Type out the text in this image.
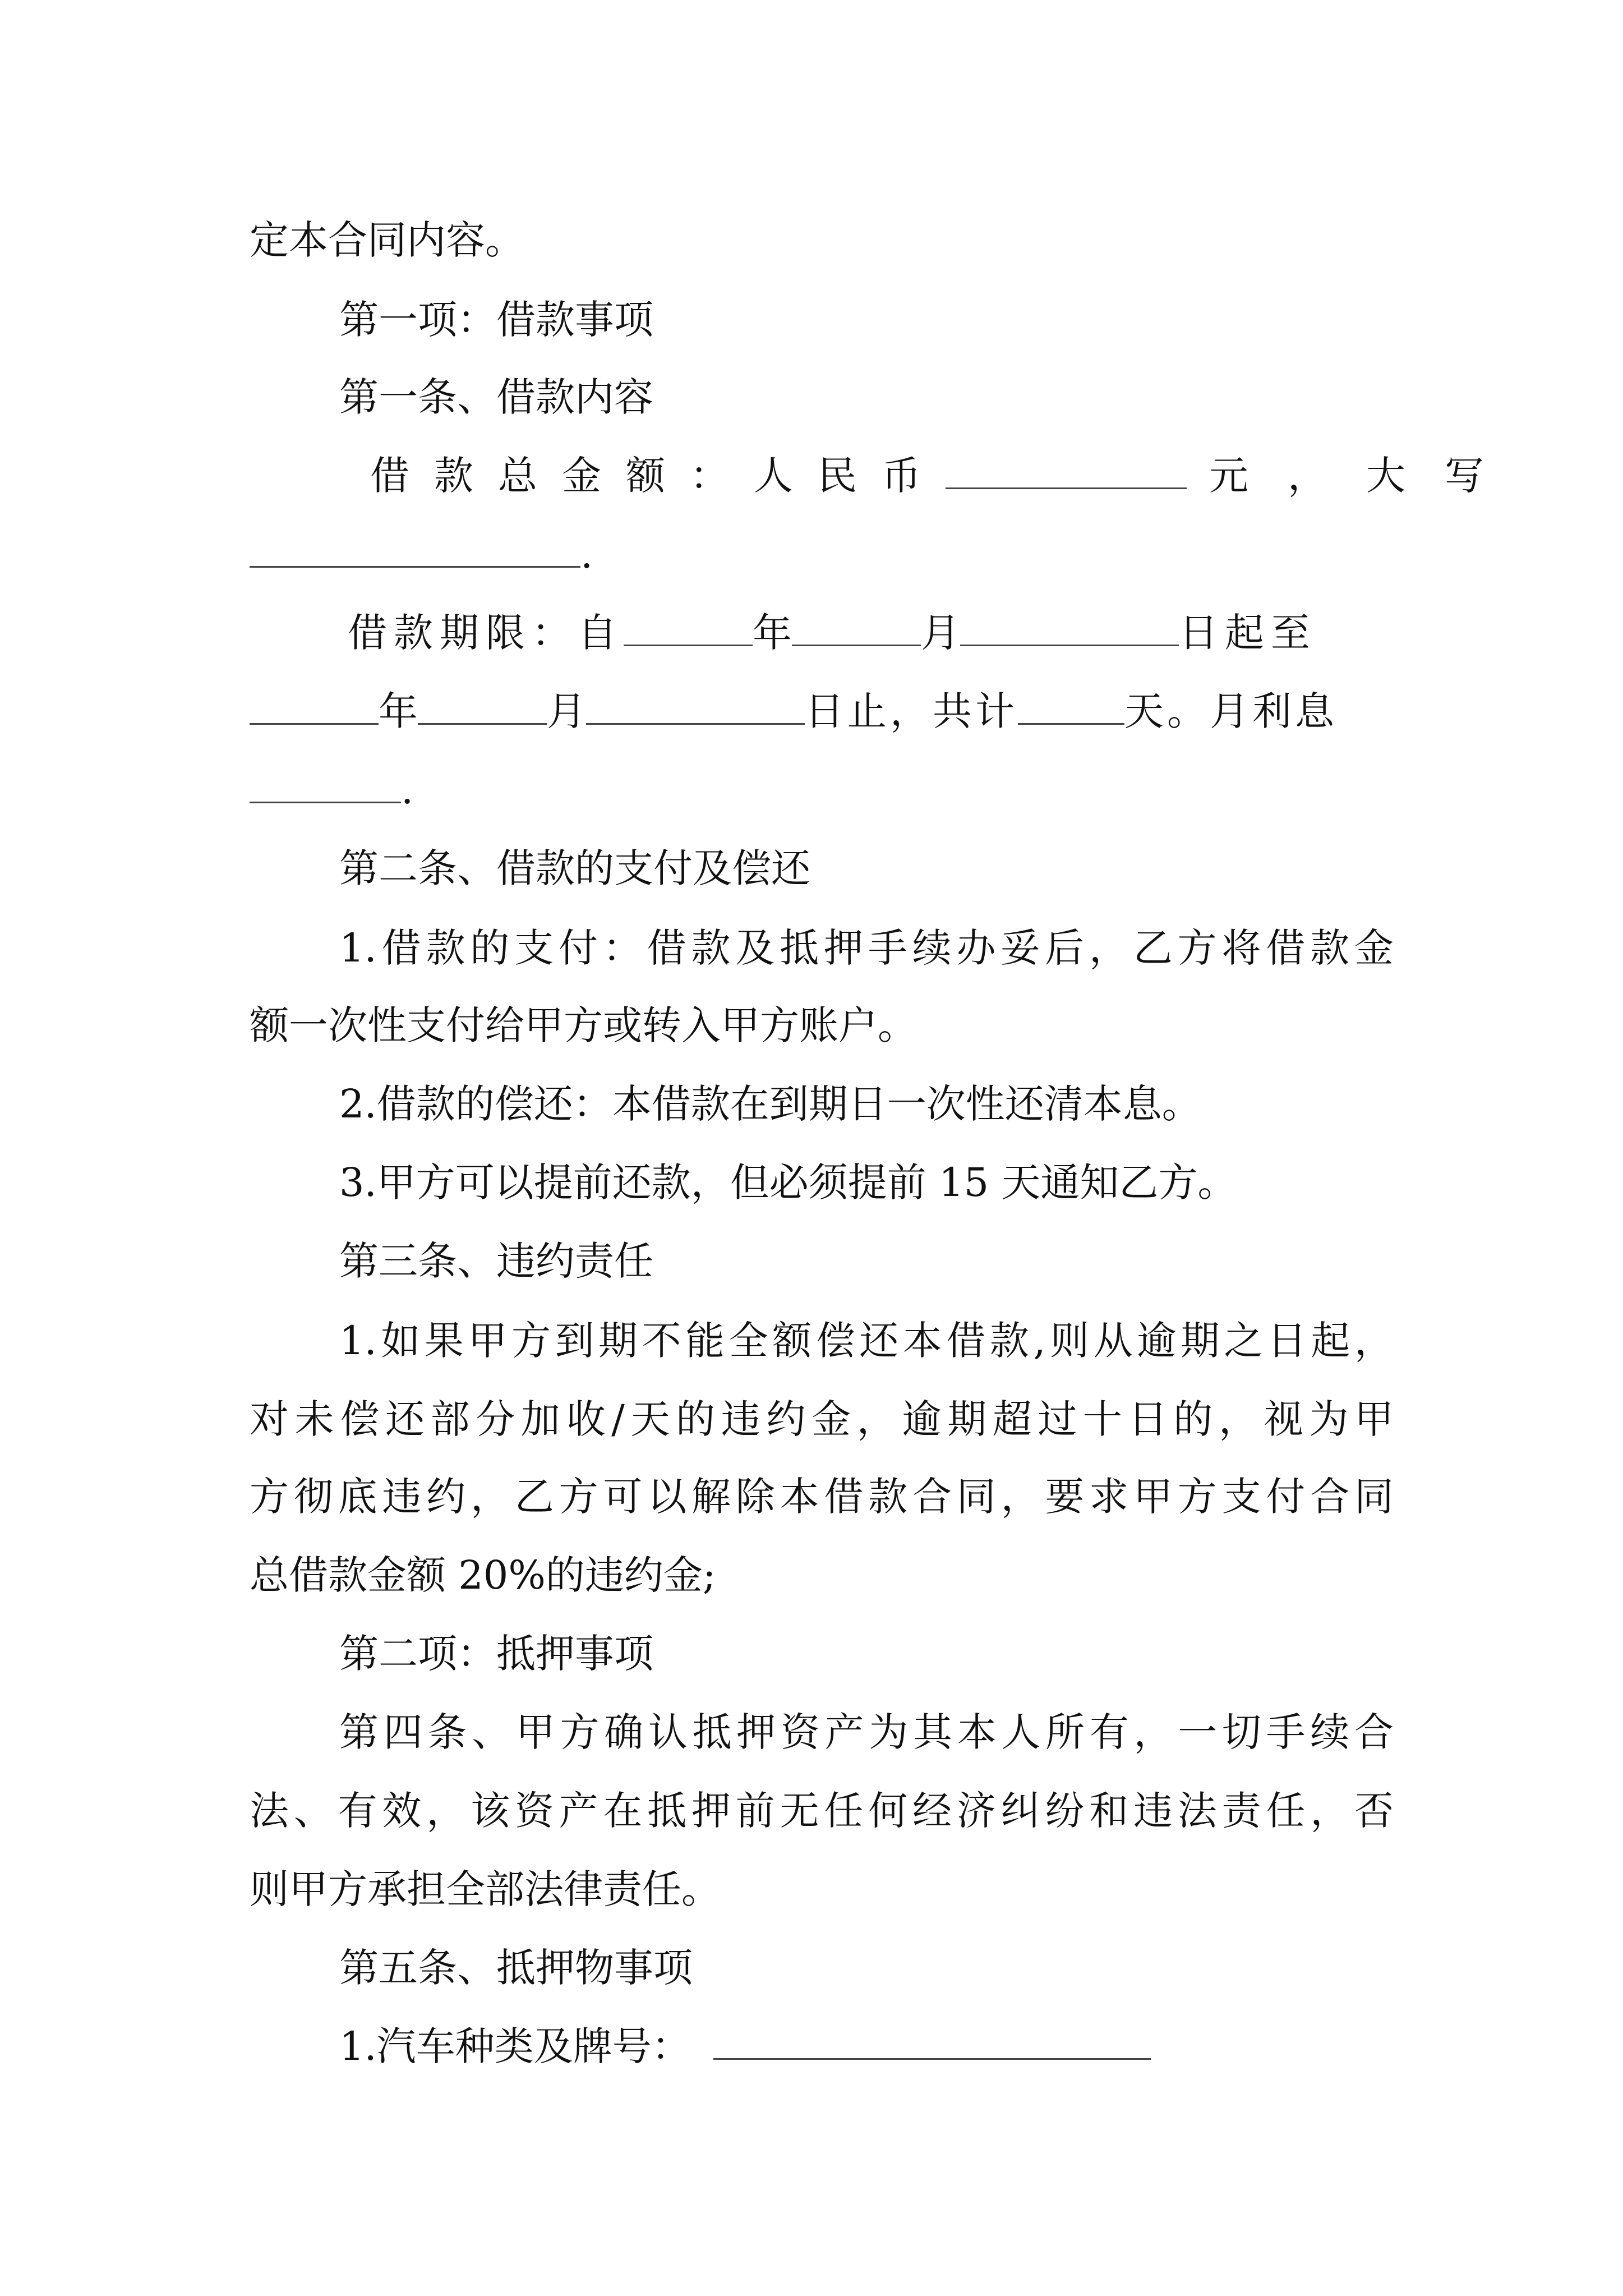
定本合同内容。
第一项：借款事项
第一条、借款内容
借款总金额：人民币	元，大写
.
借款期限：自	年	月	日起至
年	月	日止，共计	天。月利息
.
第二条、借款的支付及偿还
1.借款的支付：借款及抵押手续办妥后，乙方将借款金
额一次性支付给甲方或转入甲方账户。
2.借款的偿还：本借款在到期日一次性还清本息。
3.甲方可以提前还款，但必须提前 15 天通知乙方。
第三条、违约责任
1.如果甲方到期不能全额偿还本借款,则从逾期之日起，
对未偿还部分加收/天的违约金，逾期超过十日的，视为甲
方彻底违约，乙方可以解除本借款合同，要求甲方支付合同
总借款金额 20%的违约金;
第二项：抵押事项
第四条、甲方确认抵押资产为其本人所有，一切手续合
法、有效，该资产在抵押前无任何经济纠纷和违法责任，否
则甲方承担全部法律责任。
第五条、抵押物事项
1.汽车种类及牌号：
